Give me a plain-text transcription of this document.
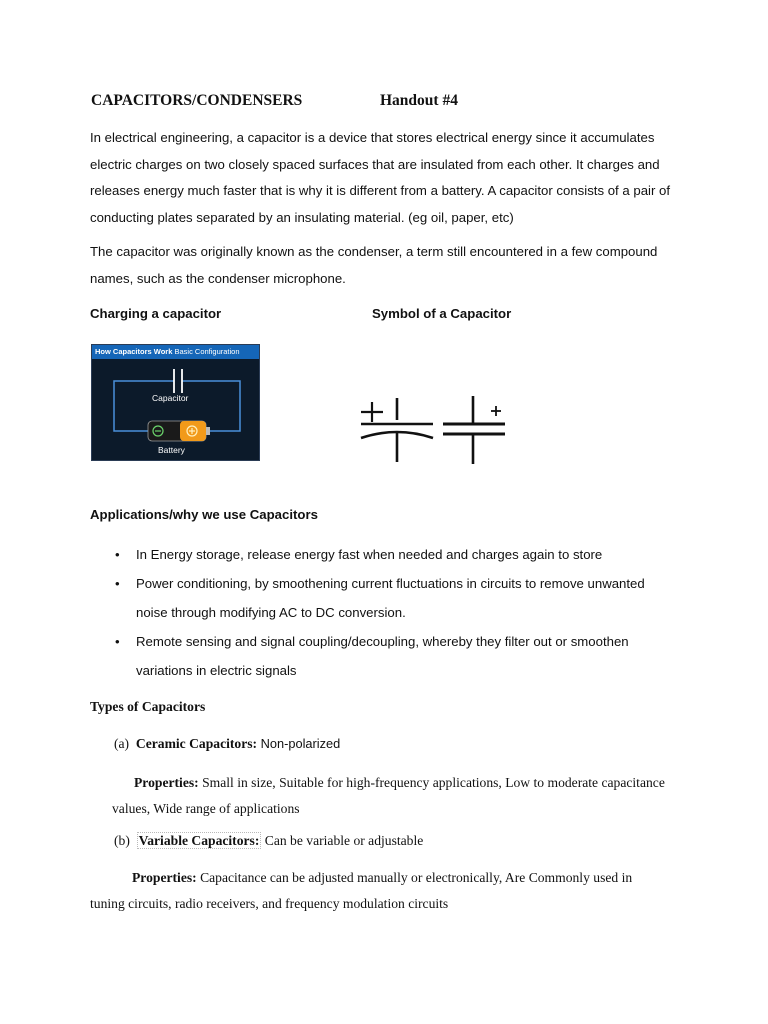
CAPACITORS/CONDENSERS	Handout #4
In electrical engineering, a capacitor is a device that stores electrical energy since it accumulates electric charges on two closely spaced surfaces that are insulated from each other. It charges and releases energy much faster that is why it is different from a battery. A capacitor consists of a pair of conducting plates separated by an insulating material. (eg oil, paper, etc)
The capacitor was originally known as the condenser, a term still encountered in a few compound names, such as the condenser microphone.
Charging a capacitor	Symbol of a Capacitor
How Capacitors Work Basic Configuration
Capacitor
Battery
Applications/why we use Capacitors
• In Energy storage, release energy fast when needed and charges again to store
• Power conditioning, by smoothening current fluctuations in circuits to remove unwanted noise through modifying AC to DC conversion.
• Remote sensing and signal coupling/decoupling, whereby they filter out or smoothen variations in electric signals
Types of Capacitors
(a) Ceramic Capacitors: Non-polarized
Properties: Small in size, Suitable for high-frequency applications, Low to moderate capacitance values, Wide range of applications
(b) Variable Capacitors: Can be variable or adjustable
Properties: Capacitance can be adjusted manually or electronically, Are Commonly used in tuning circuits, radio receivers, and frequency modulation circuits
